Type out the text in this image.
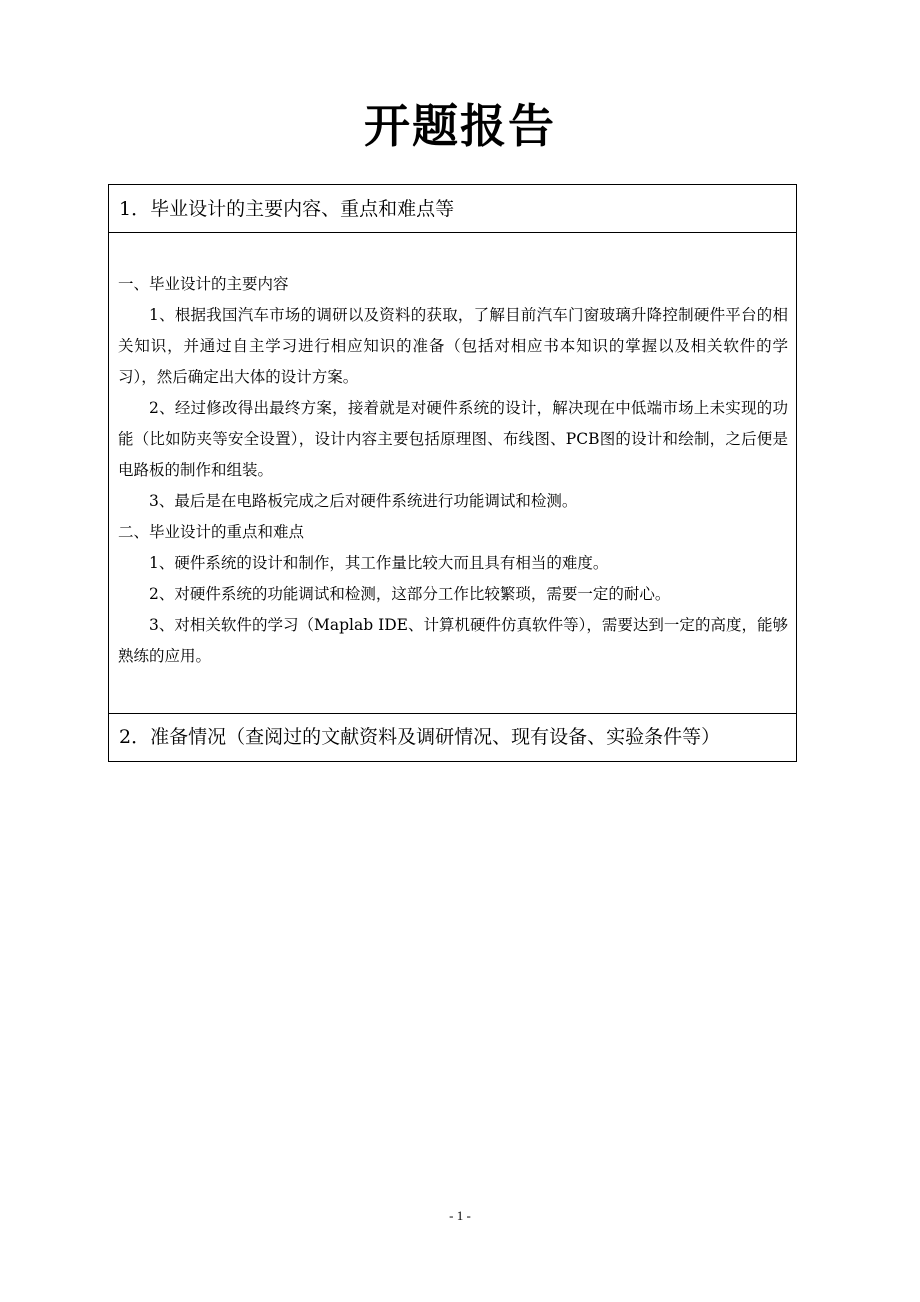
开题报告
1．毕业设计的主要内容、重点和难点等

一、毕业设计的主要内容

1、根据我国汽车市场的调研以及资料的获取，了解目前汽车门窗玻璃升降控制硬件平台的相关知识，并通过自主学习进行相应知识的准备（包括对相应书本知识的掌握以及相关软件的学习），然后确定出大体的设计方案。

2、经过修改得出最终方案，接着就是对硬件系统的设计，解决现在中低端市场上未实现的功能（比如防夹等安全设置），设计内容主要包括原理图、布线图、PCB图的设计和绘制，之后便是电路板的制作和组装。

3、最后是在电路板完成之后对硬件系统进行功能调试和检测。

二、毕业设计的重点和难点

1、硬件系统的设计和制作，其工作量比较大而且具有相当的难度。

2、对硬件系统的功能调试和检测，这部分工作比较繁琐，需要一定的耐心。

3、对相关软件的学习（Maplab IDE、计算机硬件仿真软件等），需要达到一定的高度，能够熟练的应用。

2．准备情况（查阅过的文献资料及调研情况、现有设备、实验条件等）
- 1 -
